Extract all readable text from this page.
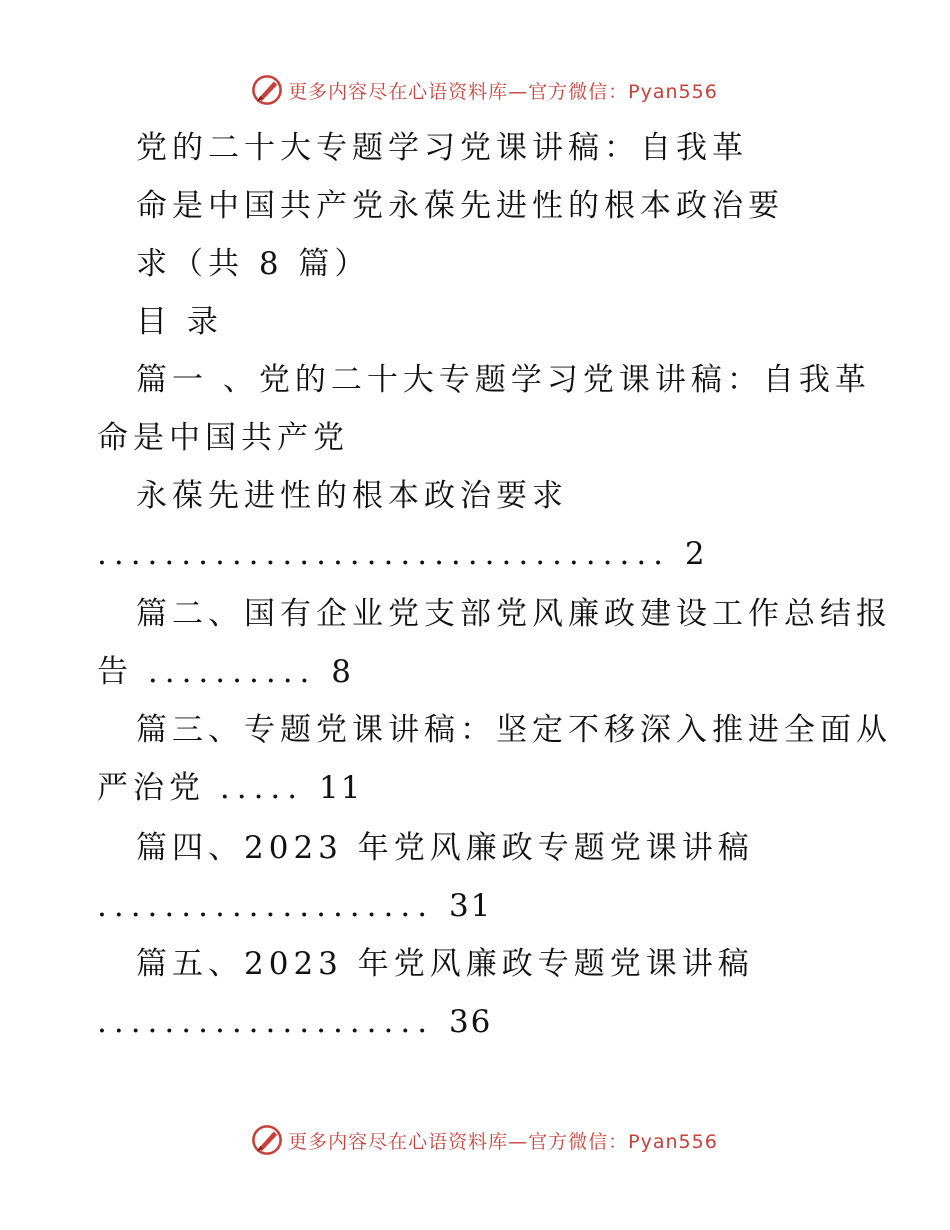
更多内容尽在心语资料库—官方微信：Pyan556
党的二十大专题学习党课讲稿：自我革
命是中国共产党永葆先进性的根本政治要
求（共 8 篇）
目 录
篇一 、党的二十大专题学习党课讲稿：自我革
命是中国共产党
永葆先进性的根本政治要求
.................................. 2
篇二、国有企业党支部党风廉政建设工作总结报
告 .......... 8
篇三、专题党课讲稿：坚定不移深入推进全面从
严治党 ..... 11
篇四、2023 年党风廉政专题党课讲稿
.................... 31
篇五、2023 年党风廉政专题党课讲稿
.................... 36
更多内容尽在心语资料库—官方微信：Pyan556
